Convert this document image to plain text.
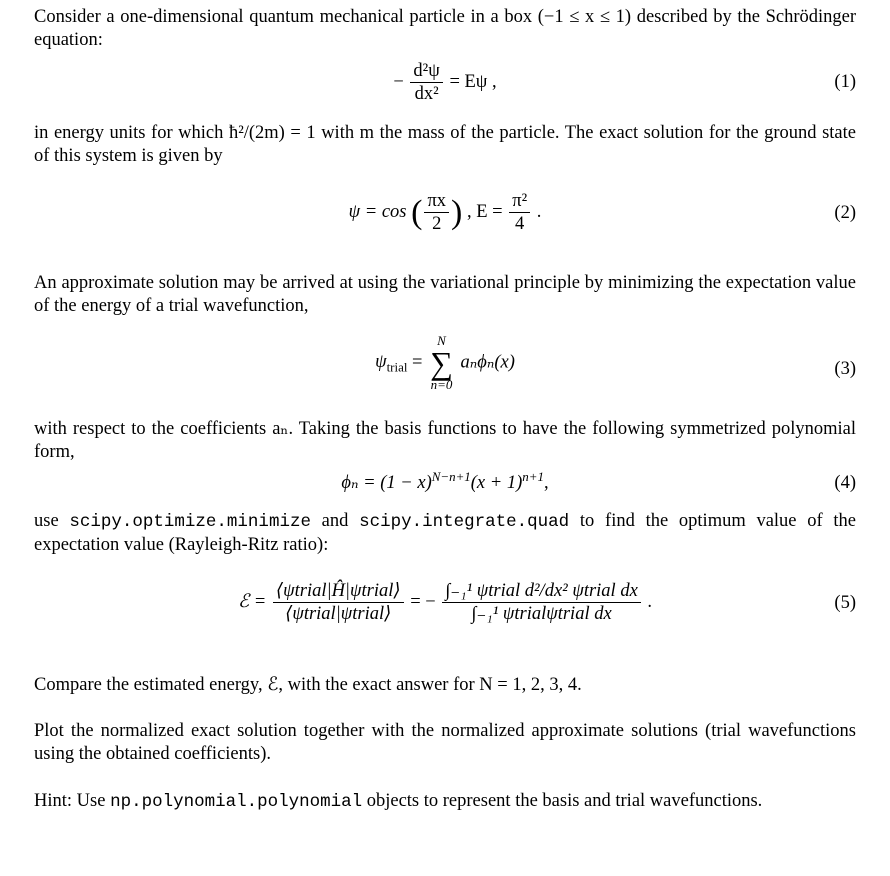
Consider a one-dimensional quantum mechanical particle in a box (−1 ≤ x ≤ 1) described by the Schrödinger equation:
− $\frac{\text{d²ψ}}{\text{dx²}} = E\psi$ ,	(1)
in energy units for which ħ²/(2m) = 1 with m the mass of the particle. The exact solution for the ground state of this system is given by
ψ = cos ( $\frac{\pi x}{2}$ ) , $E = \frac{\text{π²}}{4}$ .	(2)
An approximate solution may be arrived at using the variational principle by minimizing the expectation value of the energy of a trial wavefunction,
$\psi_{trial}$ =
N
∑
n=0
aₙϕₙ(x)	(3)
with respect to the coefficients aₙ. Taking the basis functions to have the following symmetrized polynomial form,
$\phi_n = (1 - x)^{N-n+1}(x + 1)^{n+1}$,	(4)
use scipy.optimize.minimize and scipy.integrate.quad to find the optimum value of the expectation value (Rayleigh-Ritz ratio):
ℰ = $\frac{\text{⟨ψtrial|Ĥ|ψtrial⟩}}{\text{⟨ψtrial|ψtrial⟩}}$ = − $\frac{\text{∫₋₁¹ ψtrial d²/dx² ψtrial dx}}{\text{∫₋₁¹ ψtrialψtrial dx}}$ .	(5)
Compare the estimated energy, ℰ, with the exact answer for N = 1, 2, 3, 4.
Plot the normalized exact solution together with the normalized approximate solutions (trial wavefunctions using the obtained coefficients).
Hint: Use np.polynomial.polynomial objects to represent the basis and trial wavefunctions.
